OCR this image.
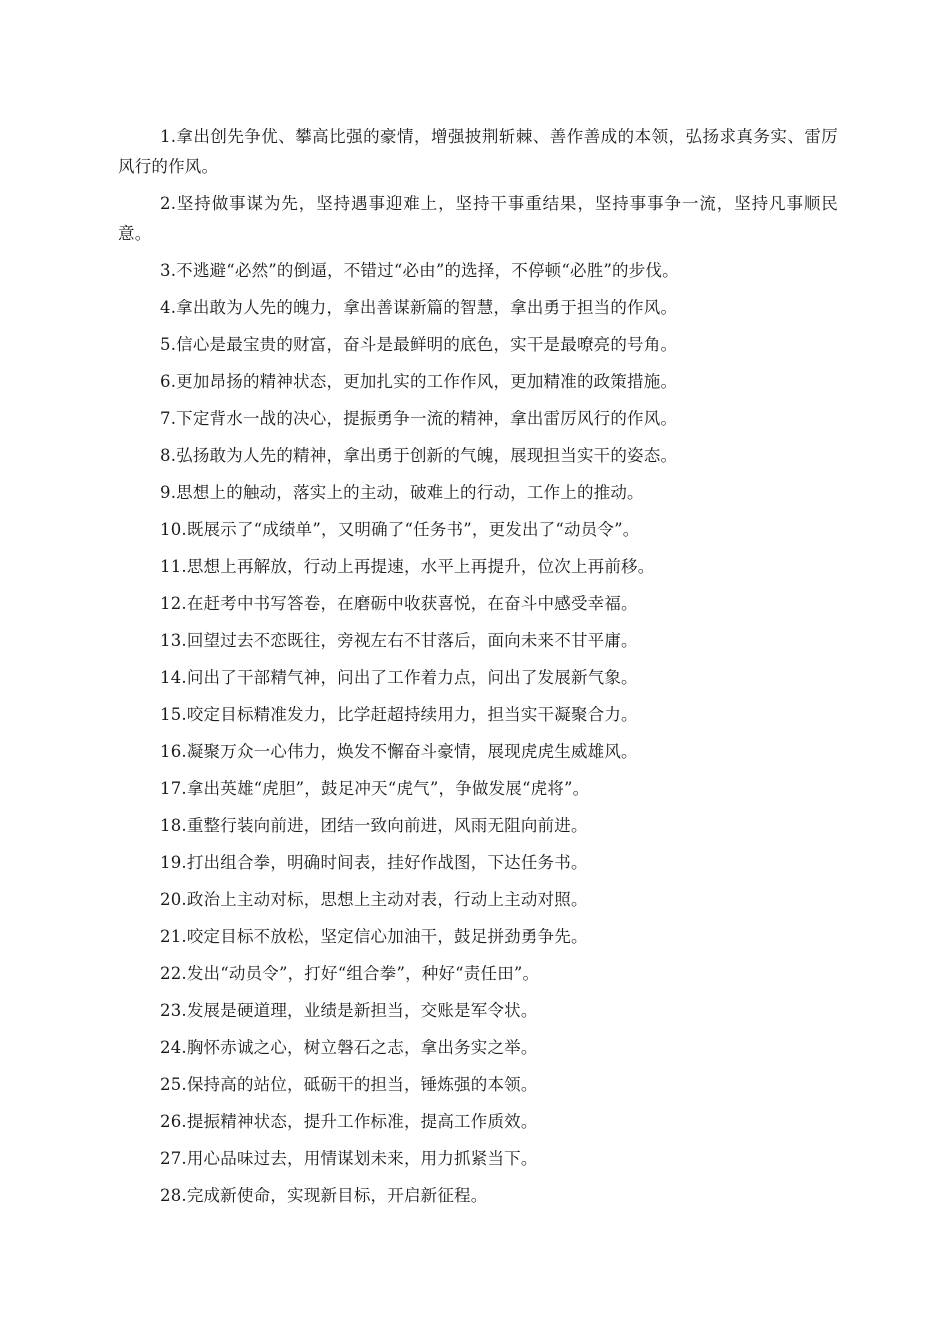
1.拿出创先争优、攀高比强的豪情，增强披荆斩棘、善作善成的本领，弘扬求真务实、雷厉风行的作风。

2.坚持做事谋为先，坚持遇事迎难上，坚持干事重结果，坚持事事争一流，坚持凡事顺民意。

3.不逃避“必然”的倒逼，不错过“必由”的选择，不停顿“必胜”的步伐。

4.拿出敢为人先的魄力，拿出善谋新篇的智慧，拿出勇于担当的作风。

5.信心是最宝贵的财富，奋斗是最鲜明的底色，实干是最嘹亮的号角。

6.更加昂扬的精神状态，更加扎实的工作作风，更加精准的政策措施。

7.下定背水一战的决心，提振勇争一流的精神，拿出雷厉风行的作风。

8.弘扬敢为人先的精神，拿出勇于创新的气魄，展现担当实干的姿态。

9.思想上的触动，落实上的主动，破难上的行动，工作上的推动。

10.既展示了“成绩单”，又明确了“任务书”，更发出了“动员令”。

11.思想上再解放，行动上再提速，水平上再提升，位次上再前移。

12.在赶考中书写答卷，在磨砺中收获喜悦，在奋斗中感受幸福。

13.回望过去不恋既往，旁视左右不甘落后，面向未来不甘平庸。

14.问出了干部精气神，问出了工作着力点，问出了发展新气象。

15.咬定目标精准发力，比学赶超持续用力，担当实干凝聚合力。

16.凝聚万众一心伟力，焕发不懈奋斗豪情，展现虎虎生威雄风。

17.拿出英雄“虎胆”，鼓足冲天“虎气”，争做发展“虎将”。

18.重整行装向前进，团结一致向前进，风雨无阻向前进。

19.打出组合拳，明确时间表，挂好作战图，下达任务书。

20.政治上主动对标，思想上主动对表，行动上主动对照。

21.咬定目标不放松，坚定信心加油干，鼓足拼劲勇争先。

22.发出“动员令”，打好“组合拳”，种好“责任田”。

23.发展是硬道理，业绩是新担当，交账是军令状。

24.胸怀赤诚之心，树立磐石之志，拿出务实之举。

25.保持高的站位，砥砺干的担当，锤炼强的本领。

26.提振精神状态，提升工作标准，提高工作质效。

27.用心品味过去，用情谋划未来，用力抓紧当下。

28.完成新使命，实现新目标，开启新征程。
